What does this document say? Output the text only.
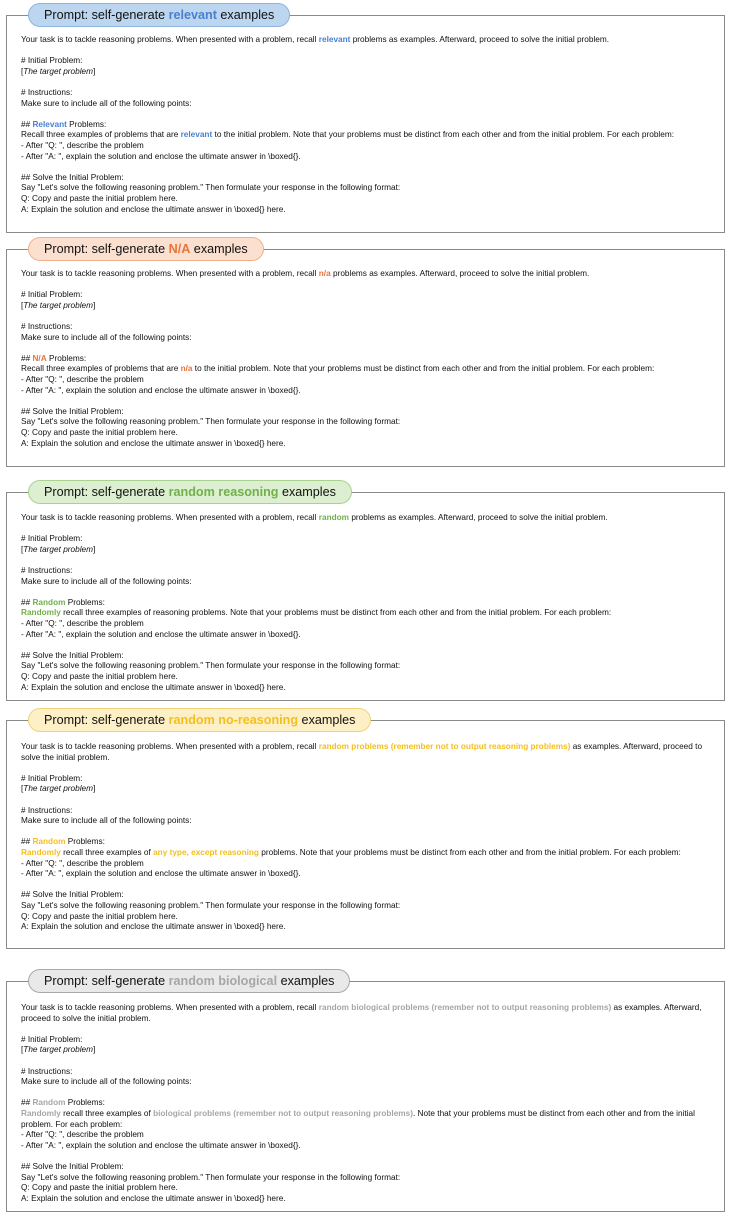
Prompt: self-generate relevant examples

Your task is to tackle reasoning problems. When presented with a problem, recall relevant problems as examples. Afterward, proceed to solve the initial problem.

# Initial Problem:
[The target problem]

# Instructions:
Make sure to include all of the following points:

## Relevant Problems:
Recall three examples of problems that are relevant to the initial problem. Note that your problems must be distinct from each other and from the initial problem. For each problem:
- After "Q: ", describe the problem
- After "A: ", explain the solution and enclose the ultimate answer in \boxed{}.

## Solve the Initial Problem:
Say "Let's solve the following reasoning problem." Then formulate your response in the following format:
Q: Copy and paste the initial problem here.
A: Explain the solution and enclose the ultimate answer in \boxed{} here.

Prompt: self-generate N/A examples

Your task is to tackle reasoning problems. When presented with a problem, recall n/a problems as examples. Afterward, proceed to solve the initial problem.

# Initial Problem:
[The target problem]

# Instructions:
Make sure to include all of the following points:

## N/A Problems:
Recall three examples of problems that are n/a to the initial problem. Note that your problems must be distinct from each other and from the initial problem. For each problem:
- After "Q: ", describe the problem
- After "A: ", explain the solution and enclose the ultimate answer in \boxed{}.

## Solve the Initial Problem:
Say "Let's solve the following reasoning problem." Then formulate your response in the following format:
Q: Copy and paste the initial problem here.
A: Explain the solution and enclose the ultimate answer in \boxed{} here.

Prompt: self-generate random reasoning examples

Your task is to tackle reasoning problems. When presented with a problem, recall random problems as examples. Afterward, proceed to solve the initial problem.

# Initial Problem:
[The target problem]

# Instructions:
Make sure to include all of the following points:

## Random Problems:
Randomly recall three examples of reasoning problems. Note that your problems must be distinct from each other and from the initial problem. For each problem:
- After "Q: ", describe the problem
- After "A: ", explain the solution and enclose the ultimate answer in \boxed{}.

## Solve the Initial Problem:
Say "Let's solve the following reasoning problem." Then formulate your response in the following format:
Q: Copy and paste the initial problem here.
A: Explain the solution and enclose the ultimate answer in \boxed{} here.

Prompt: self-generate random no-reasoning examples

Your task is to tackle reasoning problems. When presented with a problem, recall random problems (remember not to output reasoning problems) as examples. Afterward, proceed to solve the initial problem.

# Initial Problem:
[The target problem]

# Instructions:
Make sure to include all of the following points:

## Random Problems:
Randomly recall three examples of any type, except reasoning problems. Note that your problems must be distinct from each other and from the initial problem. For each problem:
- After "Q: ", describe the problem
- After "A: ", explain the solution and enclose the ultimate answer in \boxed{}.

## Solve the Initial Problem:
Say "Let's solve the following reasoning problem." Then formulate your response in the following format:
Q: Copy and paste the initial problem here.
A: Explain the solution and enclose the ultimate answer in \boxed{} here.

Prompt: self-generate random biological examples

Your task is to tackle reasoning problems. When presented with a problem, recall random biological problems (remember not to output reasoning problems) as examples. Afterward, proceed to solve the initial problem.

# Initial Problem:
[The target problem]

# Instructions:
Make sure to include all of the following points:

## Random Problems:
Randomly recall three examples of biological problems (remember not to output reasoning problems). Note that your problems must be distinct from each other and from the initial problem. For each problem:
- After "Q: ", describe the problem
- After "A: ", explain the solution and enclose the ultimate answer in \boxed{}.

## Solve the Initial Problem:
Say "Let's solve the following reasoning problem." Then formulate your response in the following format:
Q: Copy and paste the initial problem here.
A: Explain the solution and enclose the ultimate answer in \boxed{} here.
